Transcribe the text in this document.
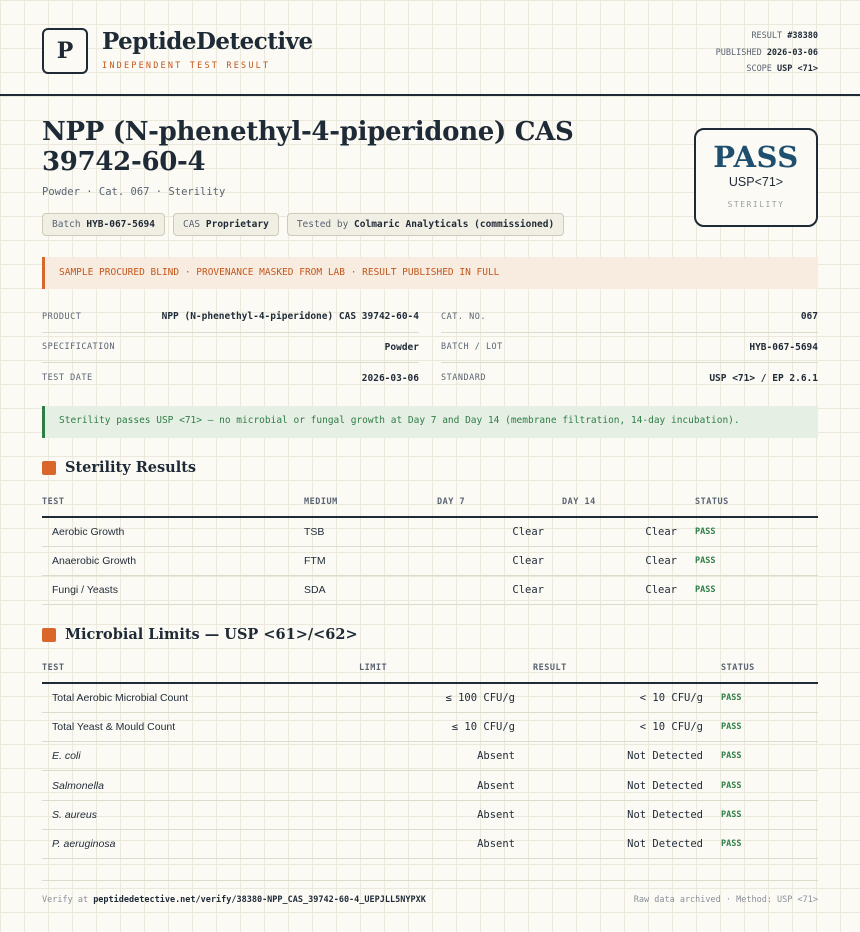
P PeptideDetective
INDEPENDENT TEST RESULT
RESULT #38380
PUBLISHED 2026-03-06
SCOPE USP <71>
NPP (N-phenethyl-4-piperidone) CAS 39742-60-4
Powder · Cat. 067 · Sterility
Batch HYB-067-5694	CAS Proprietary	Tested by Colmaric Analyticals (commissioned)
PASS
USP<71>
STERILITY
SAMPLE PROCURED BLIND · PROVENANCE MASKED FROM LAB · RESULT PUBLISHED IN FULL
PRODUCT	NPP (N-phenethyl-4-piperidone) CAS 39742-60-4
SPECIFICATION	Powder
TEST DATE	2026-03-06
CAT. NO.	067
BATCH / LOT	HYB-067-5694
STANDARD	USP <71> / EP 2.6.1
Sterility passes USP <71> — no microbial or fungal growth at Day 7 and Day 14 (membrane filtration, 14-day incubation).
Sterility Results
TEST	MEDIUM	DAY 7	DAY 14	STATUS
Aerobic Growth	TSB	Clear	Clear	PASS
Anaerobic Growth	FTM	Clear	Clear	PASS
Fungi / Yeasts	SDA	Clear	Clear	PASS
Microbial Limits — USP <61>/<62>
TEST	LIMIT	RESULT	STATUS
Total Aerobic Microbial Count	≤ 100 CFU/g	< 10 CFU/g	PASS
Total Yeast & Mould Count	≤ 10 CFU/g	< 10 CFU/g	PASS
E. coli	Absent	Not Detected	PASS
Salmonella	Absent	Not Detected	PASS
S. aureus	Absent	Not Detected	PASS
P. aeruginosa	Absent	Not Detected	PASS
Verify at peptidedetective.net/verify/38380-NPP_CAS_39742-60-4_UEPJLL5NYPXK	Raw data archived · Method: USP <71>
